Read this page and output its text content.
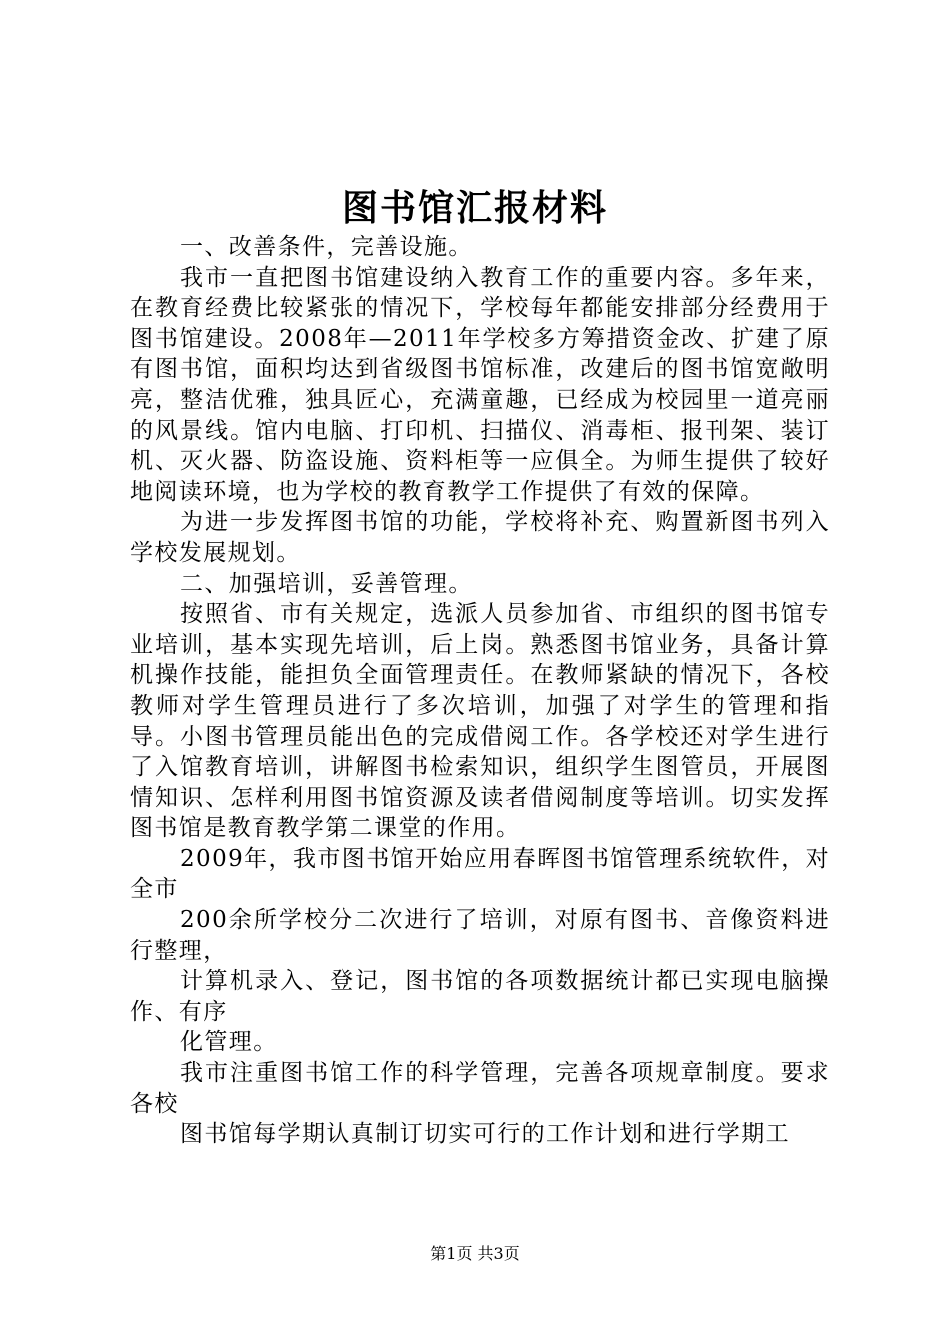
图书馆汇报材料

一、改善条件，完善设施。

我市一直把图书馆建设纳入教育工作的重要内容。多年来，在教育经费比较紧张的情况下，学校每年都能安排部分经费用于图书馆建设。2008年—2011年学校多方筹措资金改、扩建了原有图书馆，面积均达到省级图书馆标准，改建后的图书馆宽敞明亮，整洁优雅，独具匠心，充满童趣，已经成为校园里一道亮丽的风景线。馆内电脑、打印机、扫描仪、消毒柜、报刊架、装订机、灭火器、防盗设施、资料柜等一应俱全。为师生提供了较好地阅读环境，也为学校的教育教学工作提供了有效的保障。

为进一步发挥图书馆的功能，学校将补充、购置新图书列入学校发展规划。

二、加强培训，妥善管理。

按照省、市有关规定，选派人员参加省、市组织的图书馆专业培训，基本实现先培训，后上岗。熟悉图书馆业务，具备计算机操作技能，能担负全面管理责任。在教师紧缺的情况下，各校教师对学生管理员进行了多次培训，加强了对学生的管理和指导。小图书管理员能出色的完成借阅工作。各学校还对学生进行了入馆教育培训，讲解图书检索知识，组织学生图管员，开展图情知识、怎样利用图书馆资源及读者借阅制度等培训。切实发挥图书馆是教育教学第二课堂的作用。

2009年，我市图书馆开始应用春晖图书馆管理系统软件，对全市

200余所学校分二次进行了培训，对原有图书、音像资料进行整理，

计算机录入、登记，图书馆的各项数据统计都已实现电脑操作、有序

化管理。

我市注重图书馆工作的科学管理，完善各项规章制度。要求各校

图书馆每学期认真制订切实可行的工作计划和进行学期工

第1页 共3页
